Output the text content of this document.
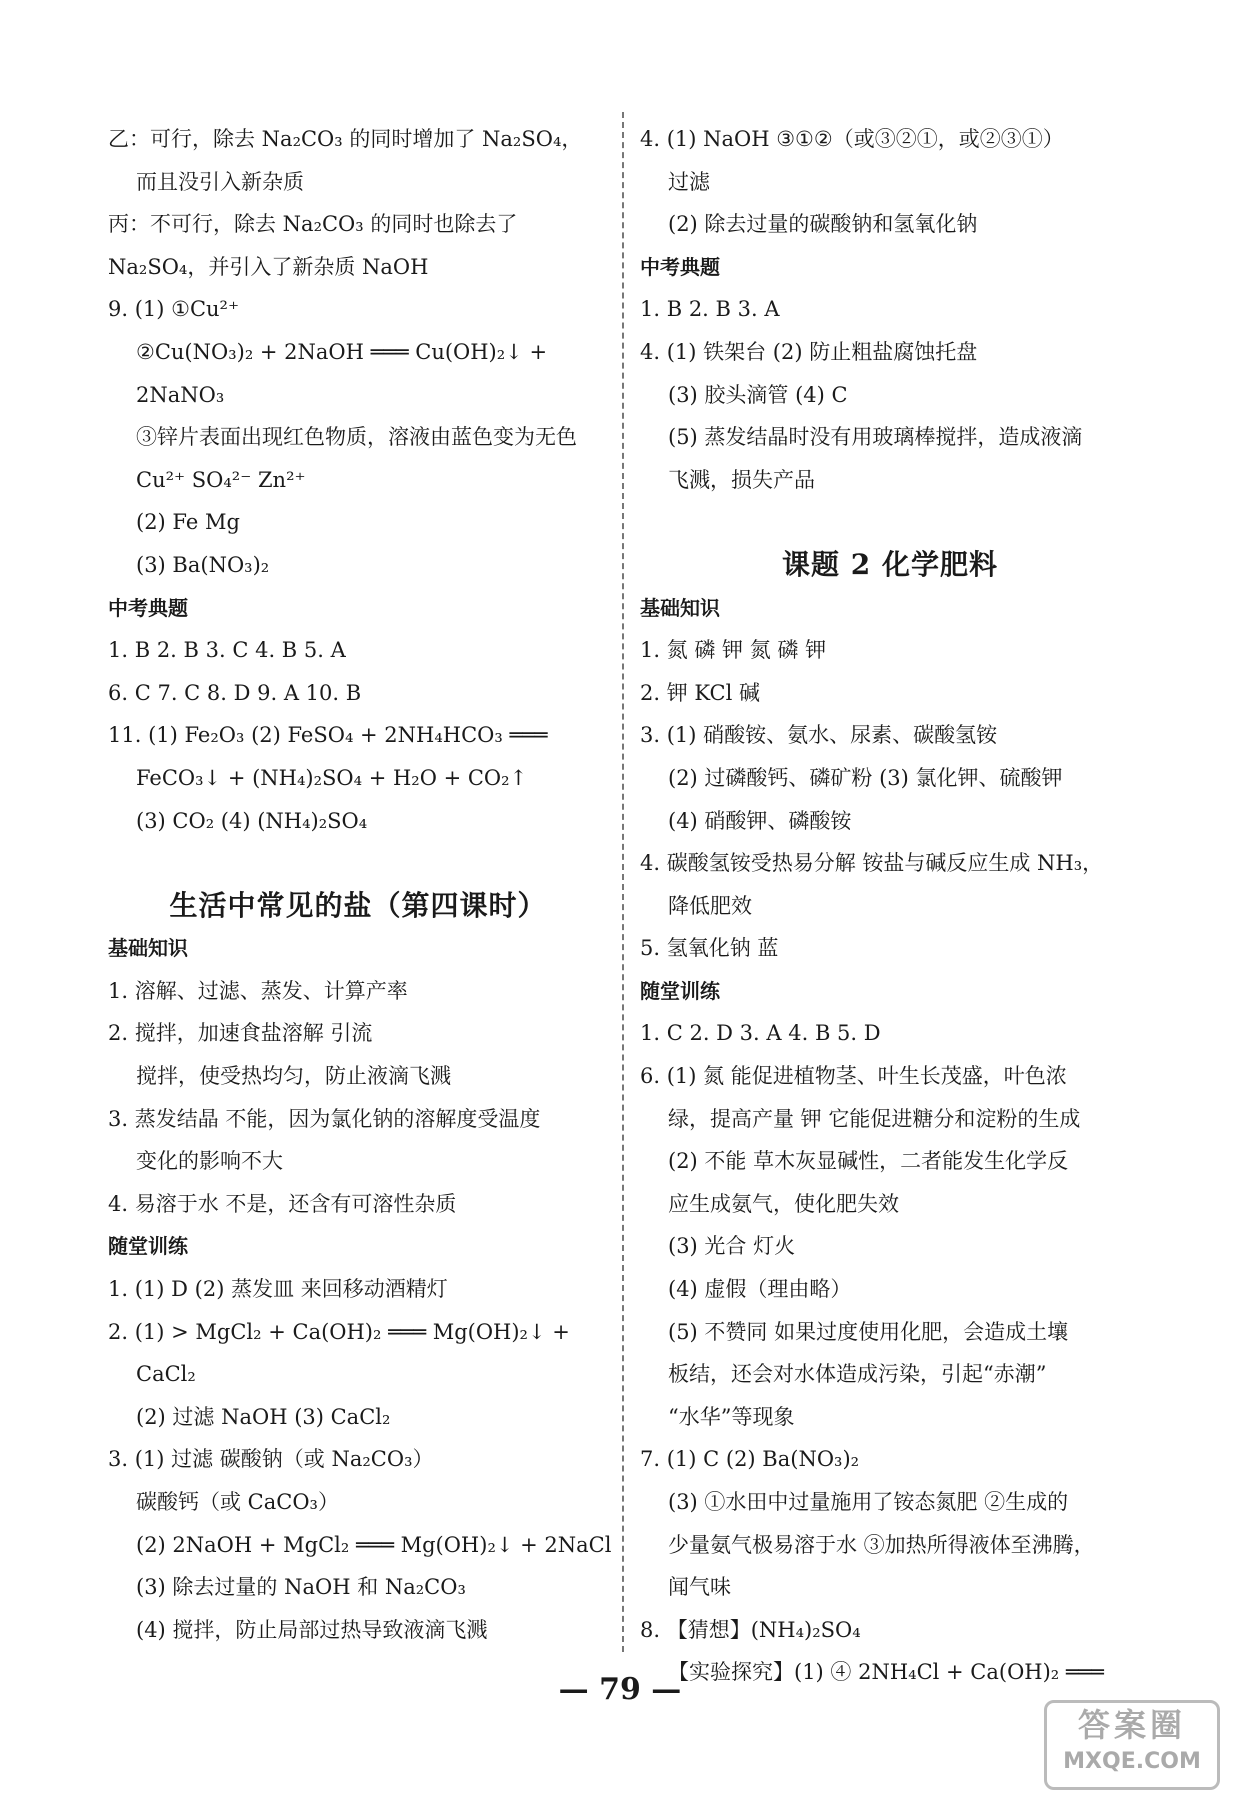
乙：可行，除去 Na₂CO₃ 的同时增加了 Na₂SO₄，
而且没引入新杂质
丙：不可行，除去 Na₂CO₃ 的同时也除去了
Na₂SO₄，并引入了新杂质 NaOH
9. (1) ①Cu²⁺
②Cu(NO₃)₂ + 2NaOH ═══ Cu(OH)₂↓ +
2NaNO₃
③锌片表面出现红色物质，溶液由蓝色变为无色
Cu²⁺ SO₄²⁻ Zn²⁺
(2) Fe Mg
(3) Ba(NO₃)₂
中考典题
1. B 2. B 3. C 4. B 5. A
6. C 7. C 8. D 9. A 10. B
11. (1) Fe₂O₃ (2) FeSO₄ + 2NH₄HCO₃ ═══
FeCO₃↓ + (NH₄)₂SO₄ + H₂O + CO₂↑
(3) CO₂ (4) (NH₄)₂SO₄
生活中常见的盐（第四课时）
基础知识
1. 溶解、过滤、蒸发、计算产率
2. 搅拌，加速食盐溶解 引流
搅拌，使受热均匀，防止液滴飞溅
3. 蒸发结晶 不能，因为氯化钠的溶解度受温度
变化的影响不大
4. 易溶于水 不是，还含有可溶性杂质
随堂训练
1. (1) D (2) 蒸发皿 来回移动酒精灯
2. (1) > MgCl₂ + Ca(OH)₂ ═══ Mg(OH)₂↓ +
CaCl₂
(2) 过滤 NaOH (3) CaCl₂
3. (1) 过滤 碳酸钠（或 Na₂CO₃）
碳酸钙（或 CaCO₃）
(2) 2NaOH + MgCl₂ ═══ Mg(OH)₂↓ + 2NaCl
(3) 除去过量的 NaOH 和 Na₂CO₃
(4) 搅拌，防止局部过热导致液滴飞溅
4. (1) NaOH ③①②（或③②①，或②③①）
过滤
(2) 除去过量的碳酸钠和氢氧化钠
中考典题
1. B 2. B 3. A
4. (1) 铁架台 (2) 防止粗盐腐蚀托盘
(3) 胶头滴管 (4) C
(5) 蒸发结晶时没有用玻璃棒搅拌，造成液滴
飞溅，损失产品
课题 2 化学肥料
基础知识
1. 氮 磷 钾 氮 磷 钾
2. 钾 KCl 碱
3. (1) 硝酸铵、氨水、尿素、碳酸氢铵
(2) 过磷酸钙、磷矿粉 (3) 氯化钾、硫酸钾
(4) 硝酸钾、磷酸铵
4. 碳酸氢铵受热易分解 铵盐与碱反应生成 NH₃，
降低肥效
5. 氢氧化钠 蓝
随堂训练
1. C 2. D 3. A 4. B 5. D
6. (1) 氮 能促进植物茎、叶生长茂盛，叶色浓
绿，提高产量 钾 它能促进糖分和淀粉的生成
(2) 不能 草木灰显碱性，二者能发生化学反
应生成氨气，使化肥失效
(3) 光合 灯火
(4) 虚假（理由略）
(5) 不赞同 如果过度使用化肥，会造成土壤
板结，还会对水体造成污染，引起“赤潮”
“水华”等现象
7. (1) C (2) Ba(NO₃)₂
(3) ①水田中过量施用了铵态氮肥 ②生成的
少量氨气极易溶于水 ③加热所得液体至沸腾，
闻气味
8. 【猜想】(NH₄)₂SO₄
【实验探究】(1) ④ 2NH₄Cl + Ca(OH)₂ ═══
— 79 —
答案圈
MXQE.COM
